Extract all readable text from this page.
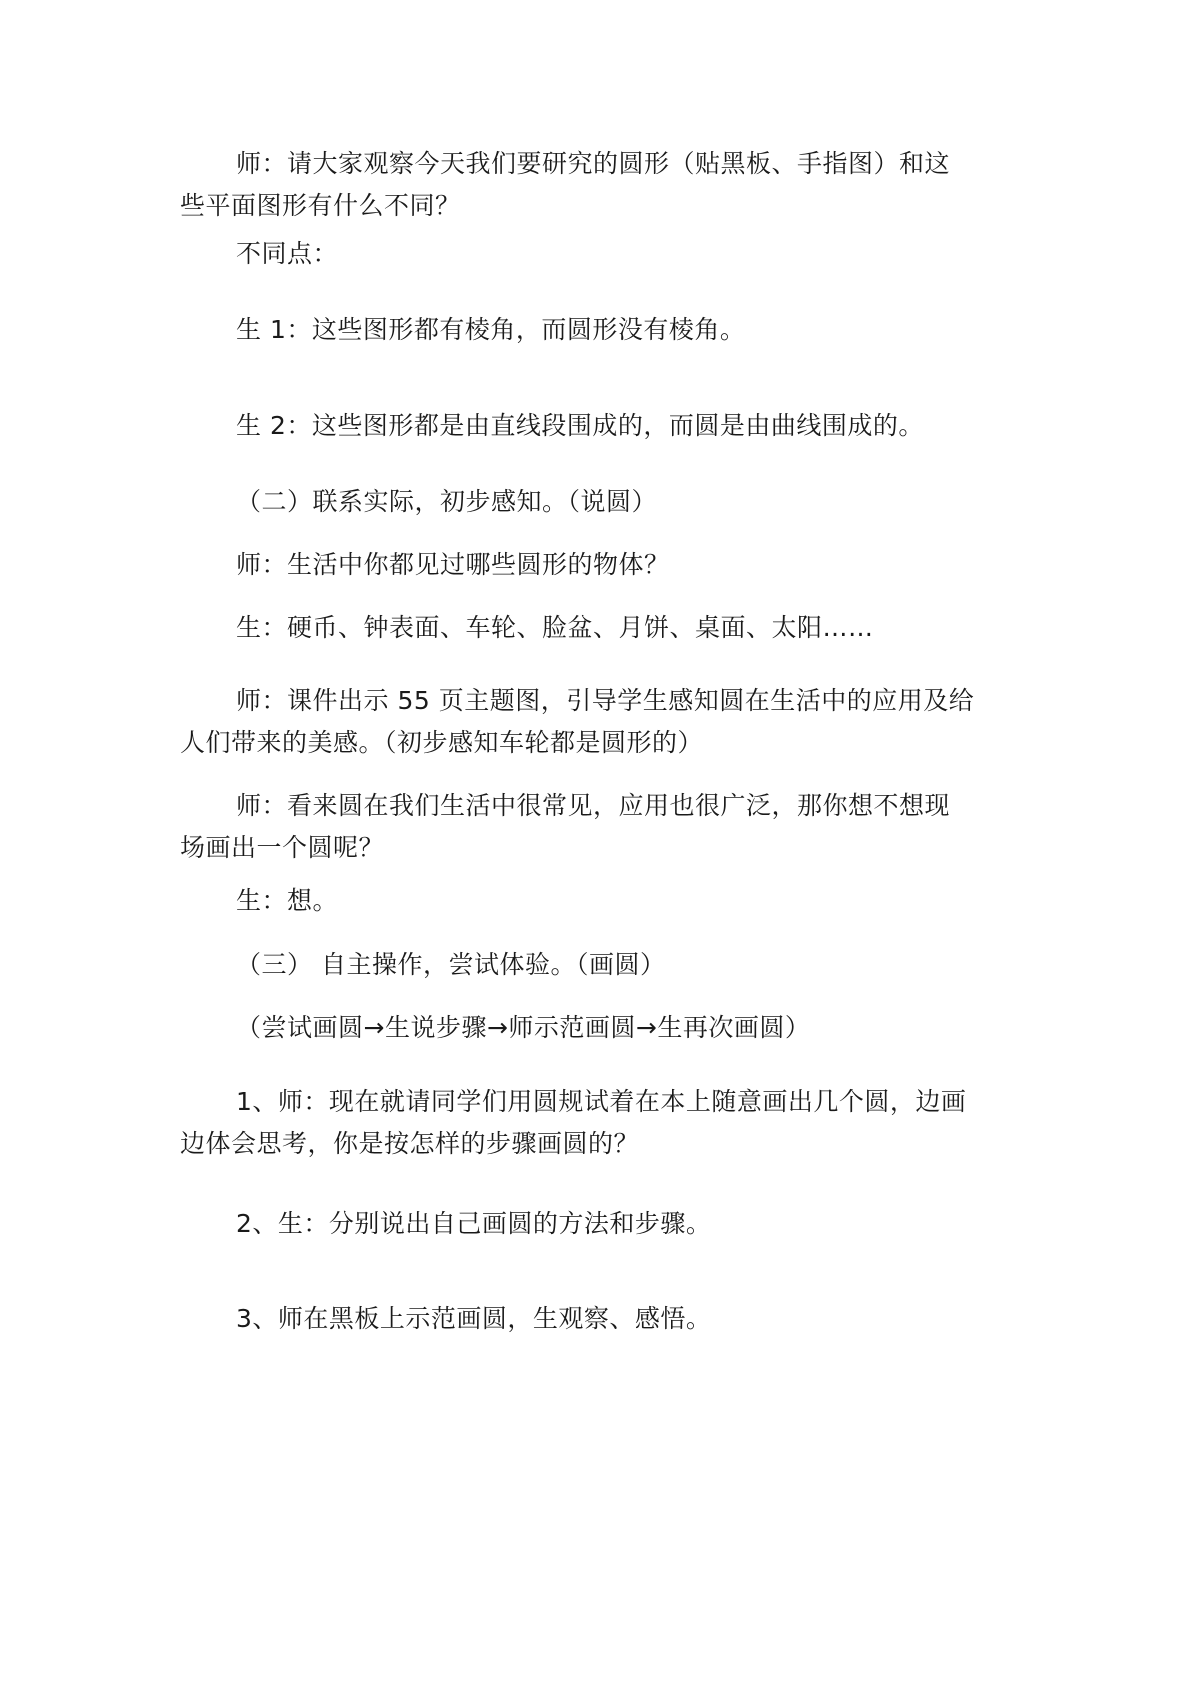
师：请大家观察今天我们要研究的圆形（贴黑板、手指图）和这
些平面图形有什么不同？
不同点：
生 1：这些图形都有棱角，而圆形没有棱角。
生 2：这些图形都是由直线段围成的，而圆是由曲线围成的。
（二）联系实际，初步感知。（说圆）
师：生活中你都见过哪些圆形的物体？
生：硬币、钟表面、车轮、脸盆、月饼、桌面、太阳……
师：课件出示 55 页主题图，引导学生感知圆在生活中的应用及给
人们带来的美感。（初步感知车轮都是圆形的）
师：看来圆在我们生活中很常见，应用也很广泛，那你想不想现
场画出一个圆呢？
生：想。
（三） 自主操作，尝试体验。（画圆）
（尝试画圆→生说步骤→师示范画圆→生再次画圆）
1、师：现在就请同学们用圆规试着在本上随意画出几个圆，边画
边体会思考，你是按怎样的步骤画圆的？
2、生：分别说出自己画圆的方法和步骤。
3、师在黑板上示范画圆，生观察、感悟。
